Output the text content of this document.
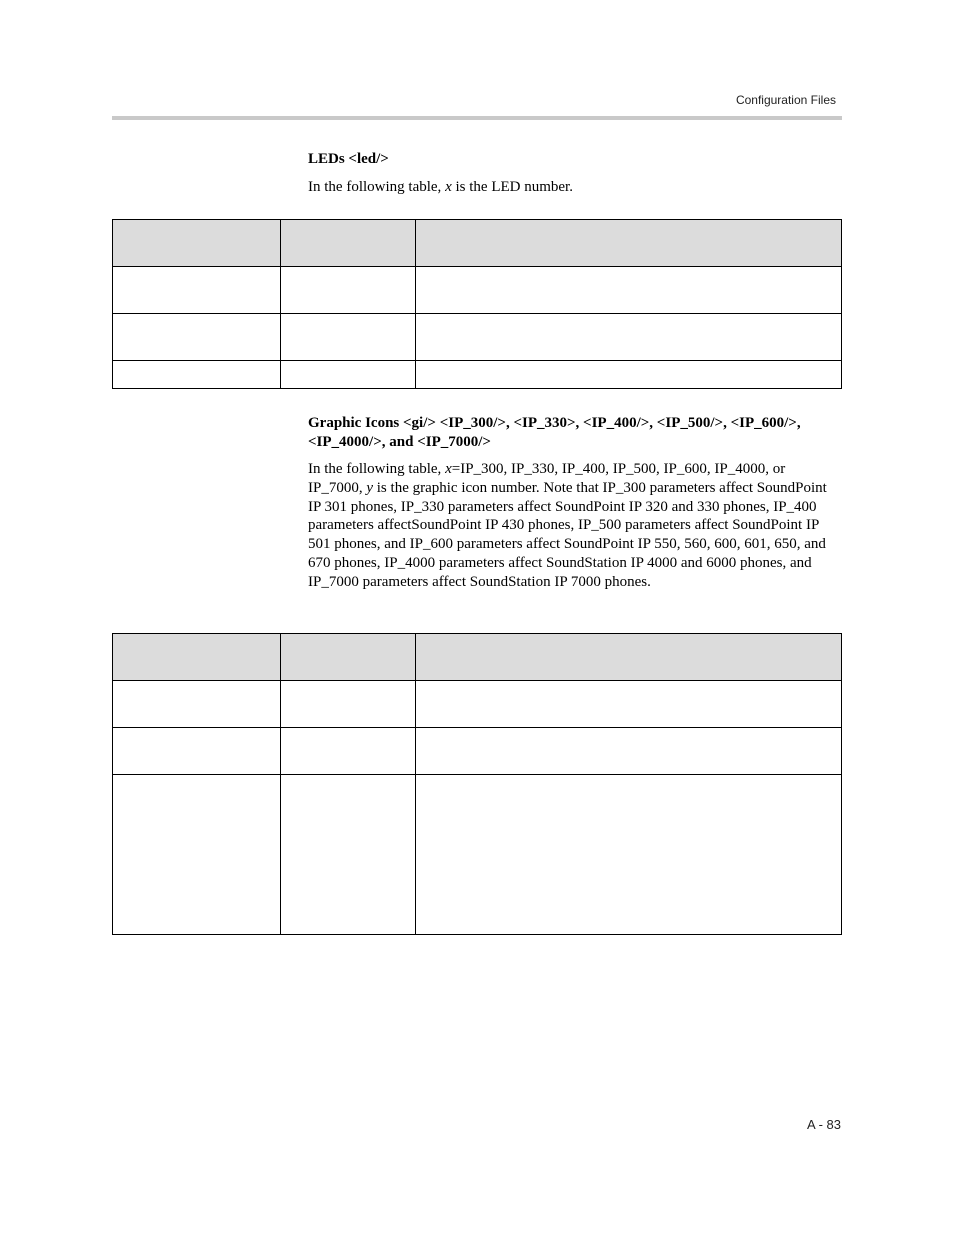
Configuration Files
LEDs <led/>
In the following table, x is the LED number.

Graphic Icons <gi/> <IP_300/>, <IP_330>, <IP_400/>, <IP_500/>, <IP_600/>, <IP_4000/>, and <IP_7000/>
In the following table, x=IP_300, IP_330, IP_400, IP_500, IP_600, IP_4000, or IP_7000, y is the graphic icon number. Note that IP_300 parameters affect SoundPoint IP 301 phones, IP_330 parameters affect SoundPoint IP 320 and 330 phones, IP_400 parameters affectSoundPoint IP 430 phones, IP_500 parameters affect SoundPoint IP 501 phones, and IP_600 parameters affect SoundPoint IP 550, 560, 600, 601, 650, and 670 phones, IP_4000 parameters affect SoundStation IP 4000 and 6000 phones, and IP_7000 parameters affect SoundStation IP 7000 phones.

A - 83
